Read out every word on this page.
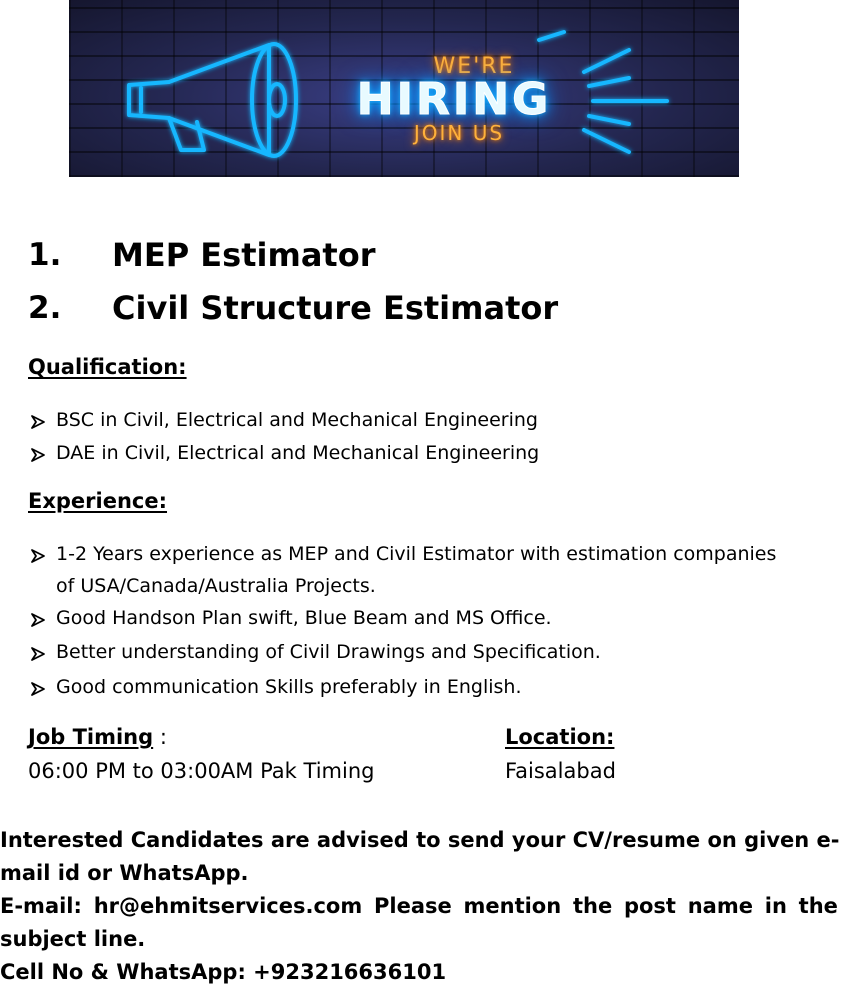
WE'RE
HIRING
JOIN US
1. MEP Estimator
2. Civil Structure Estimator
Qualification:
BSC in Civil, Electrical and Mechanical Engineering
DAE in Civil, Electrical and Mechanical Engineering
Experience:
1-2 Years experience as MEP and Civil Estimator with estimation companies
of USA/Canada/Australia Projects.
Good Handson Plan swift, Blue Beam and MS Office.
Better understanding of Civil Drawings and Specification.
Good communication Skills preferably in English.
Job Timing :
06:00 PM to 03:00AM Pak Timing
Location:
Faisalabad
Interested Candidates are advised to send your CV/resume on given e-
mail id or WhatsApp.
E-mail: hr@ehmitservices.com Please mention the post name in the
subject line.
Cell No & WhatsApp: +923216636101
